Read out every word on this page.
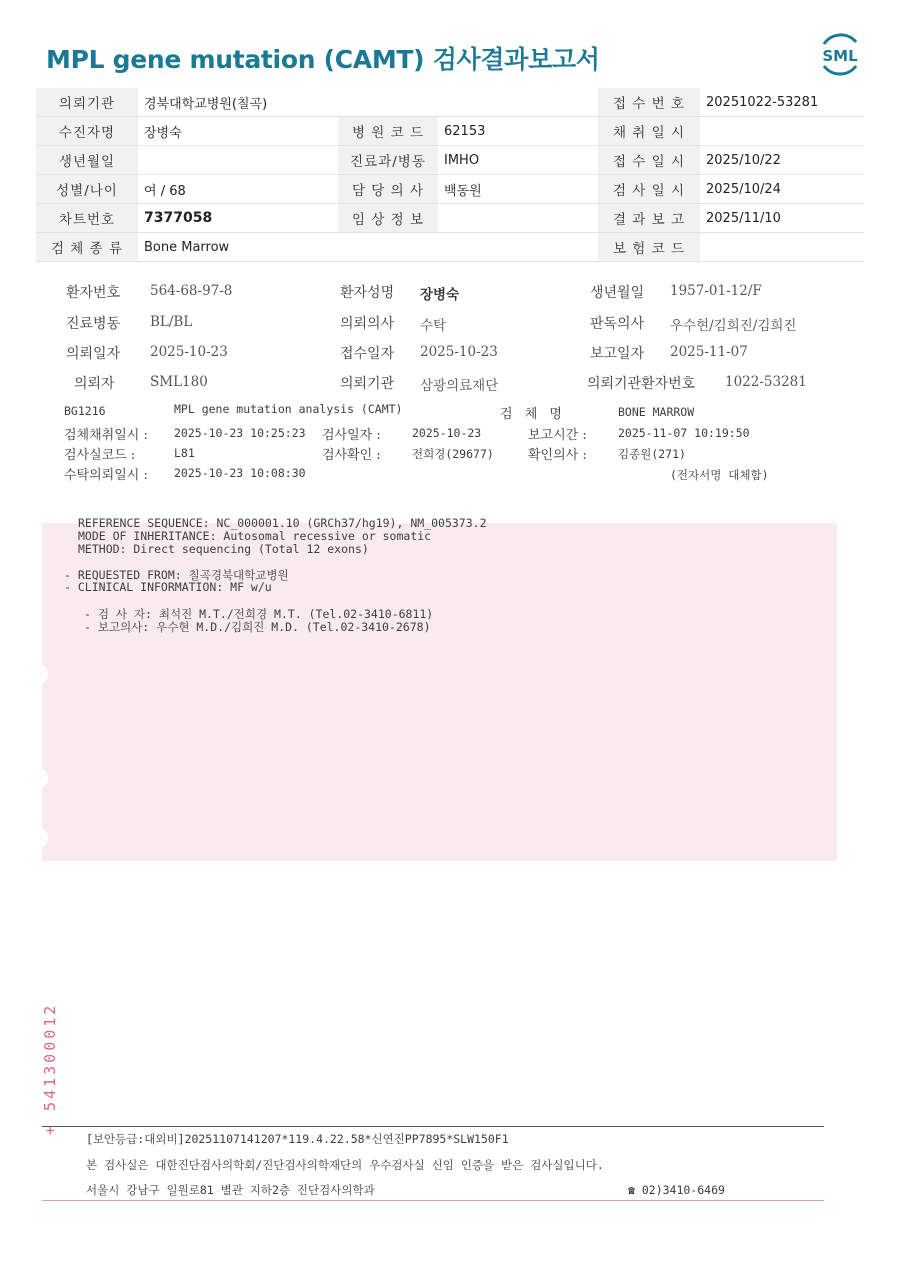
MPL gene mutation (CAMT) 검사결과보고서	SML
의뢰기관	경북대학교병원(칠곡)			접 수 번 호	20251022-53281
수진자명	장병숙	병 원 코 드	62153	채 취 일 시	
생년월일		진료과/병동	IMHO	접 수 일 시	2025/10/22
성별/나이	여 / 68	담 당 의 사	백동원	검 사 일 시	2025/10/24
차트번호	7377058	임 상 정 보		결 과 보 고	2025/11/10
검 체 종 류	Bone Marrow			보 험 코 드	
환자번호 564-68-97-8	환자성명 장병숙	생년월일 1957-01-12/F
진료병동 BL/BL	의뢰의사 수탁	판독의사 우수현/김희진/김희진
의뢰일자 2025-10-23	접수일자 2025-10-23	보고일자 2025-11-07
의뢰자	SML180	의뢰기관 삼광의료재단	의뢰기관환자번호 1022-53281
BG1216	MPL gene mutation analysis (CAMT)	검 체 명	BONE MARROW
검체채취일시 : 2025-10-23 10:25:23 검사일자 :	2025-10-23	보고시간 :	2025-11-07 10:19:50
검사실코드 :	L81	검사확인 :	전희경(29677)	확인의사 :	김종원(271)
수탁의뢰일시 : 2025-10-23 10:08:30	(전자서명 대체함)
REFERENCE SEQUENCE: NC_000001.10 (GRCh37/hg19), NM_005373.2
MODE OF INHERITANCE: Autosomal recessive or somatic
METHOD: Direct sequencing (Total 12 exons)
- REQUESTED FROM: 칠곡경북대학교병원
- CLINICAL INFORMATION: MF w/u
- 검 사 자: 최석진 M.T./전희경 M.T. (Tel.02-3410-6811)
- 보고의사: 우수현 M.D./김희진 M.D. (Tel.02-3410-2678)
+ 541300012
[보안등급:대외비]20251107141207*119.4.22.58*신연진PP7895*SLW150F1
본 검사실은 대한진단검사의학회/진단검사의학재단의 우수검사실 신임 인증을 받은 검사실입니다.
서울시 강남구 일원로81 별관 지하2층 진단검사의학과	☎ 02)3410-6469
